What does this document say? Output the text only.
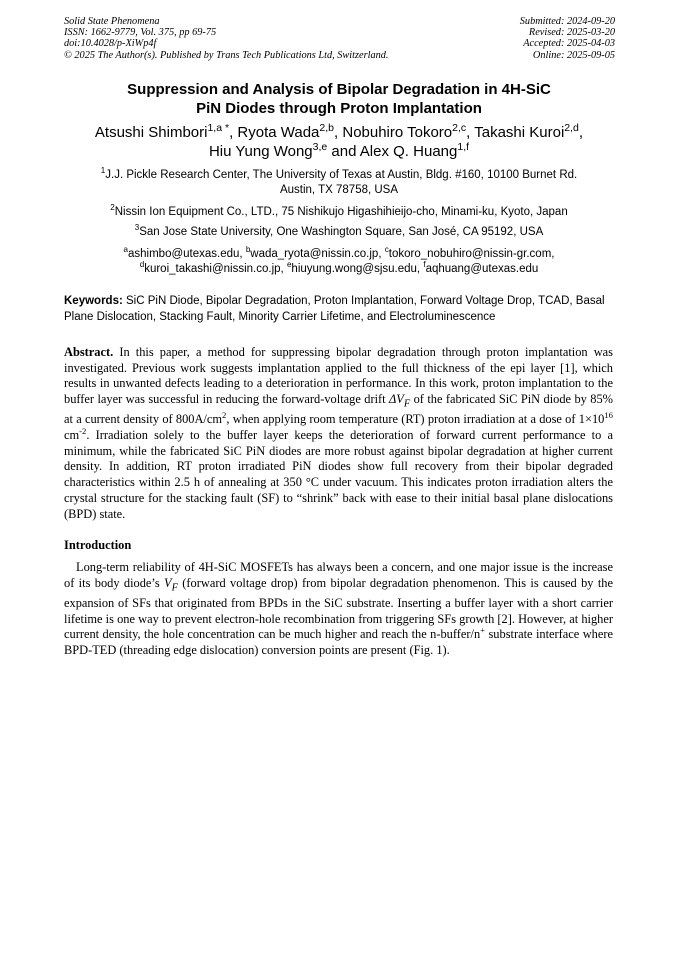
Solid State Phenomena
ISSN: 1662-9779, Vol. 375, pp 69-75
doi:10.4028/p-XiWp4f
© 2025 The Author(s). Published by Trans Tech Publications Ltd, Switzerland.
Submitted: 2024-09-20
Revised: 2025-03-20
Accepted: 2025-04-03
Online: 2025-09-05
Suppression and Analysis of Bipolar Degradation in 4H-SiC
PiN Diodes through Proton Implantation
Atsushi Shimbori$^{1,a *}$, Ryota Wada$^{2,b}$, Nobuhiro Tokoro$^{2,c}$, Takashi Kuroi$^{2,d}$,
Hiu Yung Wong$^{3,e}$ and Alex Q. Huang$^{1,f}$
$^1$J.J. Pickle Research Center, The University of Texas at Austin, Bldg. #160, 10100 Burnet Rd.
Austin, TX 78758, USA
$^2$Nissin Ion Equipment Co., LTD., 75 Nishikujo Higashihieijo-cho, Minami-ku, Kyoto, Japan
$^3$San Jose State University, One Washington Square, San José, CA 95192, USA
$^a$ashimbo@utexas.edu, $^b$wada_ryota@nissin.co.jp, $^c$tokoro_nobuhiro@nissin-gr.com,
$^d$kuroi_takashi@nissin.co.jp, $^e$hiuyung.wong@sjsu.edu, $^f$aqhuang@utexas.edu
Keywords: SiC PiN Diode, Bipolar Degradation, Proton Implantation, Forward Voltage Drop, TCAD, Basal Plane Dislocation, Stacking Fault, Minority Carrier Lifetime, and Electroluminescence
Abstract. In this paper, a method for suppressing bipolar degradation through proton implantation was investigated. Previous work suggests implantation applied to the full thickness of the epi layer [1], which results in unwanted defects leading to a deterioration in performance. In this work, proton implantation to the buffer layer was successful in reducing the forward-voltage drift $\Delta V_F$ of the fabricated SiC PiN diode by 85% at a current density of $800A/cm^2$, when applying room temperature (RT) proton irradiation at a dose of $1\times 10^{16}$ $cm^{-2}$. Irradiation solely to the buffer layer keeps the deterioration of forward current performance to a minimum, while the fabricated SiC PiN diodes are more robust against bipolar degradation at higher current density. In addition, RT proton irradiated PiN diodes show full recovery from their bipolar degraded characteristics within 2.5 h of annealing at 350 °C under vacuum. This indicates proton irradiation alters the crystal structure for the stacking fault (SF) to “shrink” back with ease to their initial basal plane dislocations (BPD) state.
Introduction
Long-term reliability of 4H-SiC MOSFETs has always been a concern, and one major issue is the increase of its body diode’s $V_F$ (forward voltage drop) from bipolar degradation phenomenon. This is caused by the expansion of SFs that originated from BPDs in the SiC substrate. Inserting a buffer layer with a short carrier lifetime is one way to prevent electron-hole recombination from triggering SFs growth [2]. However, at higher current density, the hole concentration can be much higher and reach the n-buffer/n+ substrate interface where BPD-TED (threading edge dislocation) conversion points are present (Fig. 1).
